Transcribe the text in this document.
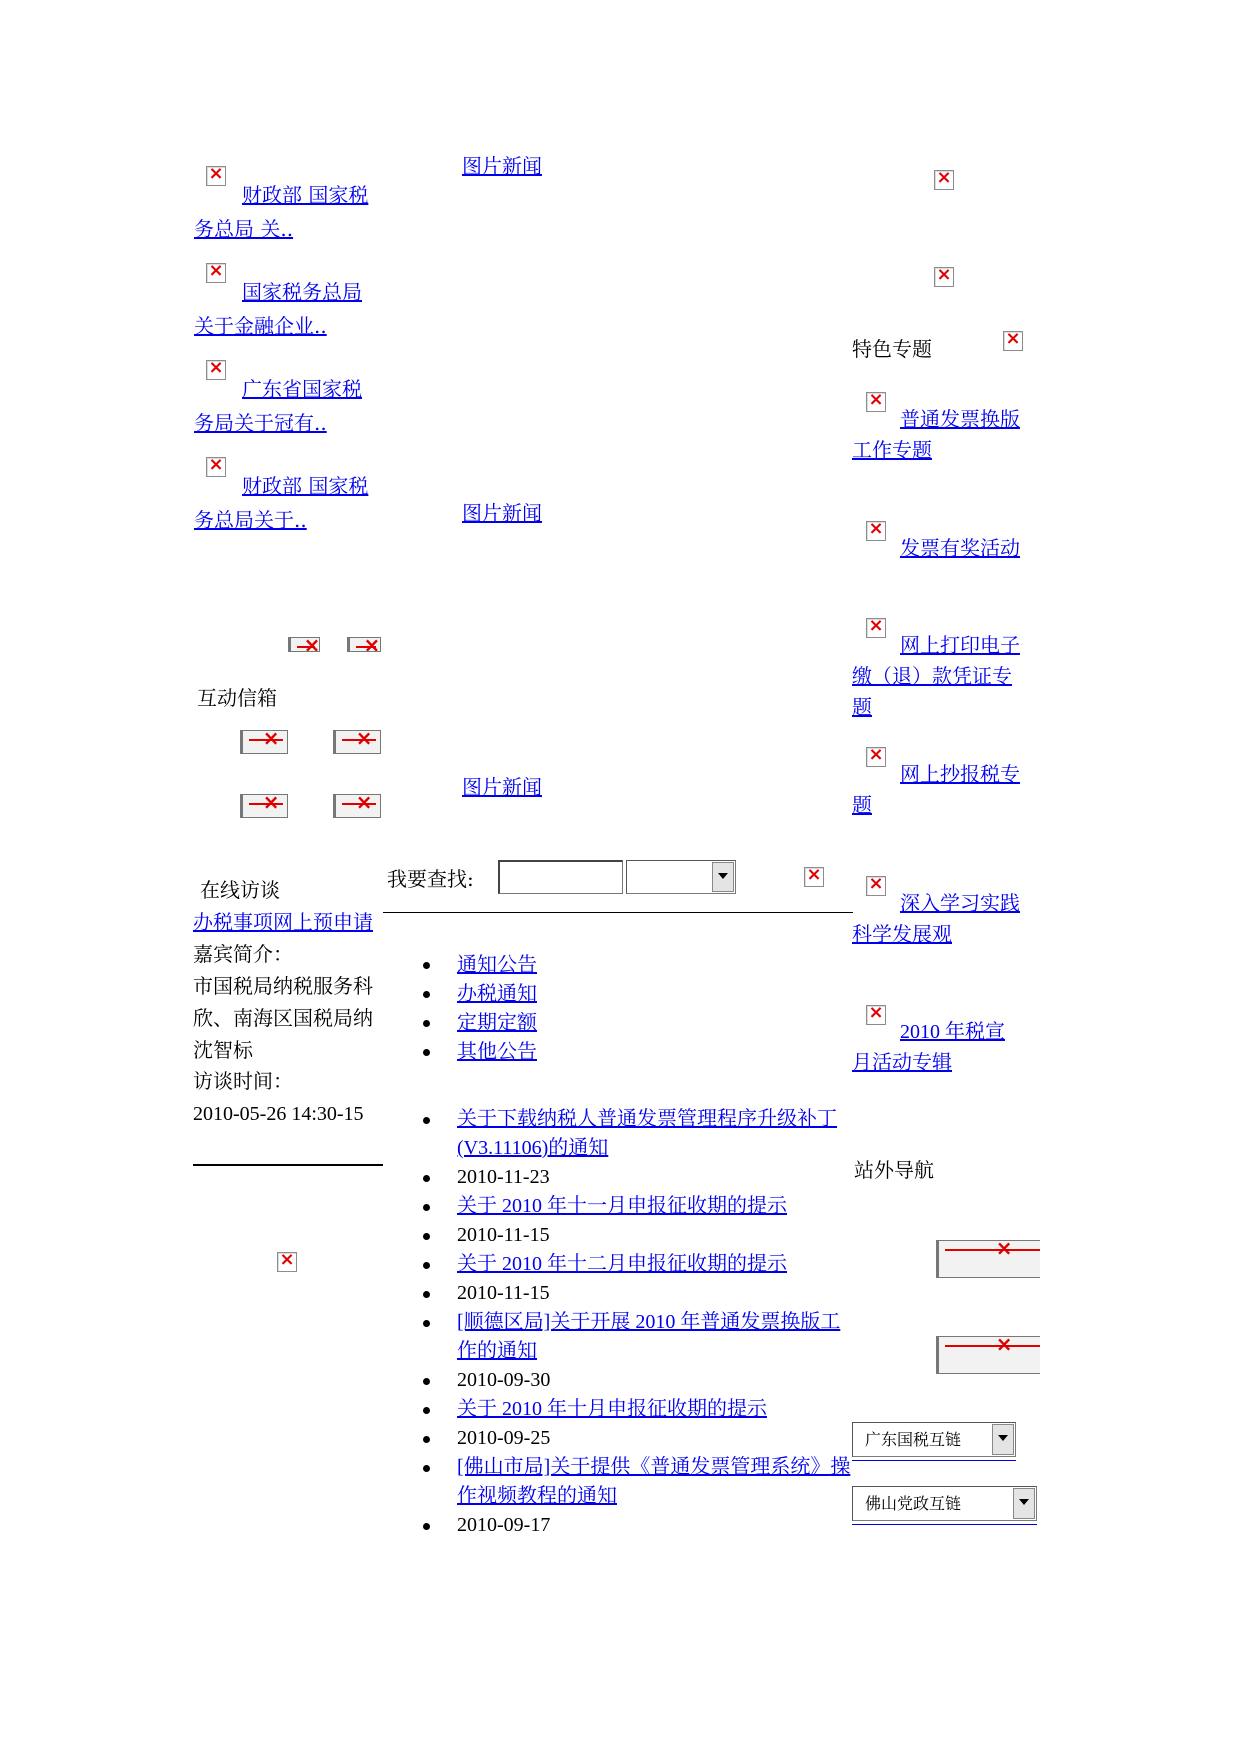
×
财政部 国家税务总局 关..
×
国家税务总局关于金融企业..
×
广东省国家税务局关于冠有..
×
财政部 国家税务总局关于..
×
×
互动信箱
×
×
×
×
在线访谈
办税事项网上预申请
嘉宾简介：
市国税局纳税服务科
欣、南海区国税局纳
沈智标
访谈时间：
2010-05-26 14:30-15
×
图片新闻
图片新闻
图片新闻
我要查找:
×
通知公告
办税通知
定期定额
其他公告
关于下载纳税人普通发票管理程序升级补丁(V3.11106)的通知
2010-11-23
关于 2010 年十一月申报征收期的提示
2010-11-15
关于 2010 年十二月申报征收期的提示
2010-11-15
[顺德区局]关于开展 2010 年普通发票换版工作的通知
2010-09-30
关于 2010 年十月申报征收期的提示
2010-09-25
[佛山市局]关于提供《普通发票管理系统》操作视频教程的通知
2010-09-17
×
×
特色专题
×
×
普通发票换版工作专题
×
发票有奖活动
×
网上打印电子缴（退）款凭证专题
×
网上抄报税专题
×
深入学习实践科学发展观
×
2010 年税宣月活动专辑
站外导航
×
×
广东国税互链
佛山党政互链
